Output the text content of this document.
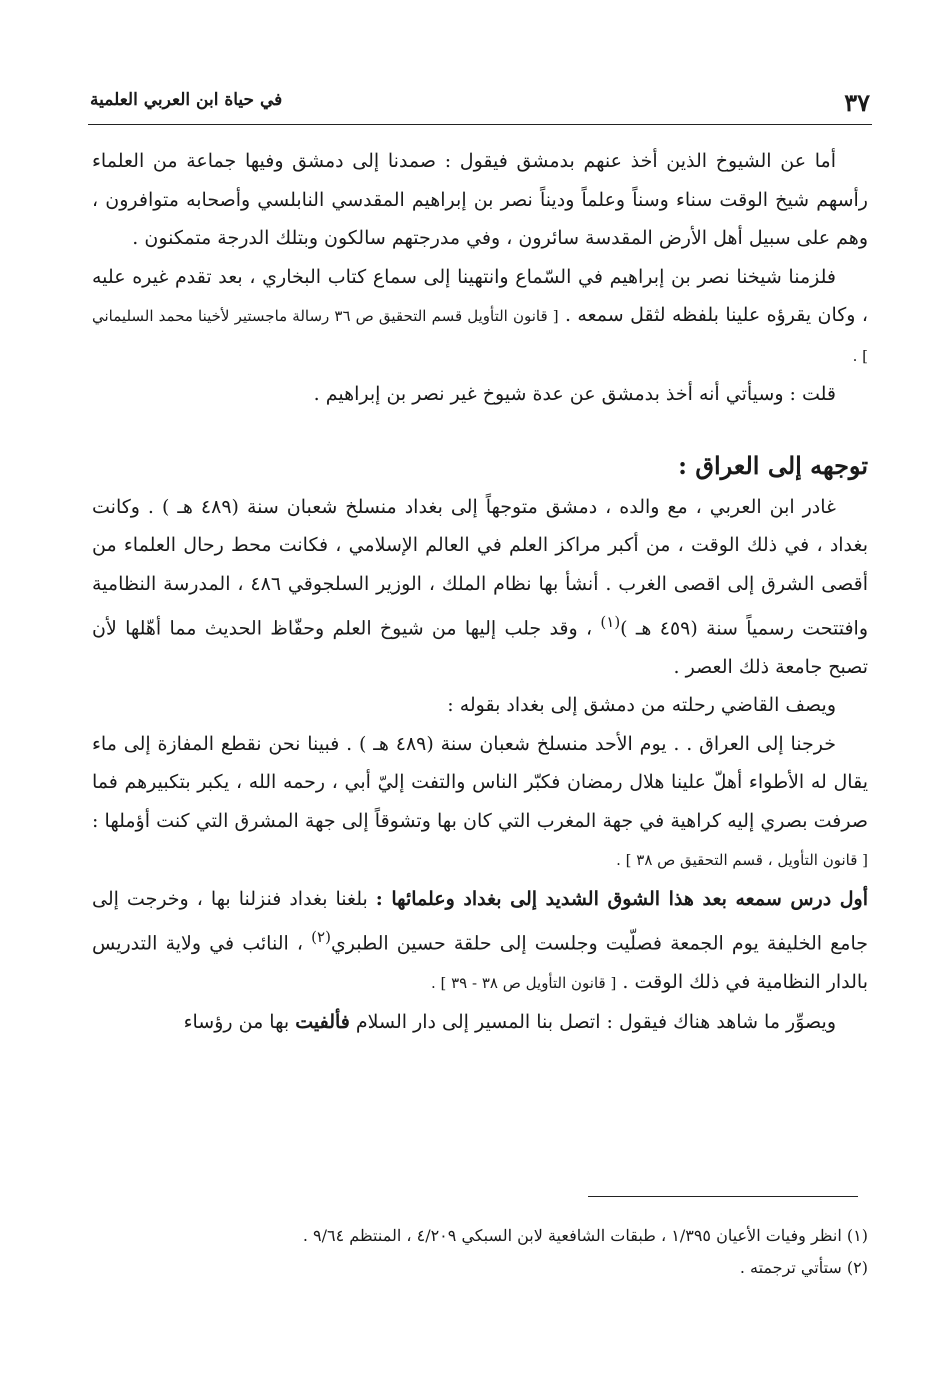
٣٧
في حياة ابن العربي العلمية

أما عن الشيوخ الذين أخذ عنهم بدمشق فيقول : صمدنا إلى دمشق وفيها جماعة من العلماء رأسهم شيخ الوقت سناء وسناً وعلماً وديناً نصر بن إبراهيم المقدسي النابلسي وأصحابه متوافرون ، وهم على سبيل أهل الأرض المقدسة سائرون ، وفي مدرجتهم سالكون وبتلك الدرجة متمكنون .

فلزمنا شيخنا نصر بن إبراهيم في السّماع وانتهينا إلى سماع كتاب البخاري ، بعد تقدم غيره عليه ، وكان يقرؤه علينا بلفظه لثقل سمعه . [ قانون التأويل قسم التحقيق ص ٣٦ رسالة ماجستير لأخينا محمد السليماني ] .

قلت : وسيأتي أنه أخذ بدمشق عن عدة شيوخ غير نصر بن إبراهيم .

توجهه إلى العراق :

غادر ابن العربي ، مع والده ، دمشق متوجهاً إلى بغداد منسلخ شعبان سنة (٤٨٩ هـ ) . وكانت بغداد ، في ذلك الوقت ، من أكبر مراكز العلم في العالم الإسلامي ، فكانت محط رحال العلماء من أقصى الشرق إلى اقصى الغرب . أنشأ بها نظام الملك ، الوزير السلجوقي ٤٨٦ ، المدرسة النظامية وافتتحت رسمياً سنة (٤٥٩ هـ )$^{(١)}$ ، وقد جلب إليها من شيوخ العلم وحفّاظ الحديث مما أهّلها لأن تصبح جامعة ذلك العصر .

ويصف القاضي رحلته من دمشق إلى بغداد بقوله :

خرجنا إلى العراق . . يوم الأحد منسلخ شعبان سنة (٤٨٩ هـ ) . فبينا نحن نقطع المفازة إلى ماء يقال له الأطواء أهلّ علينا هلال رمضان فكبّر الناس والتفت إليّ أبي ، رحمه الله ، يكبر بتكبيرهم فما صرفت بصري إليه كراهية في جهة المغرب التي كان بها وتشوقاً إلى جهة المشرق التي كنت أؤملها : [ قانون التأويل ، قسم التحقيق ص ٣٨ ] .

أول درس سمعه بعد هذا الشوق الشديد إلى بغداد وعلمائها : بلغنا بغداد فنزلنا بها ، وخرجت إلى جامع الخليفة يوم الجمعة فصلّيت وجلست إلى حلقة حسين الطبري$^{(٢)}$ ، النائب في ولاية التدريس بالدار النظامية في ذلك الوقت . [ قانون التأويل ص ٣٨ - ٣٩ ] .

ويصوِّر ما شاهد هناك فيقول : اتصل بنا المسير إلى دار السلام فألفيت بها من رؤساء

(١) انظر وفيات الأعيان ١/٣٩٥ ، طبقات الشافعية لابن السبكي ٤/٢٠٩ ، المنتظم ٩/٦٤ .

(٢) ستأتي ترجمته .
